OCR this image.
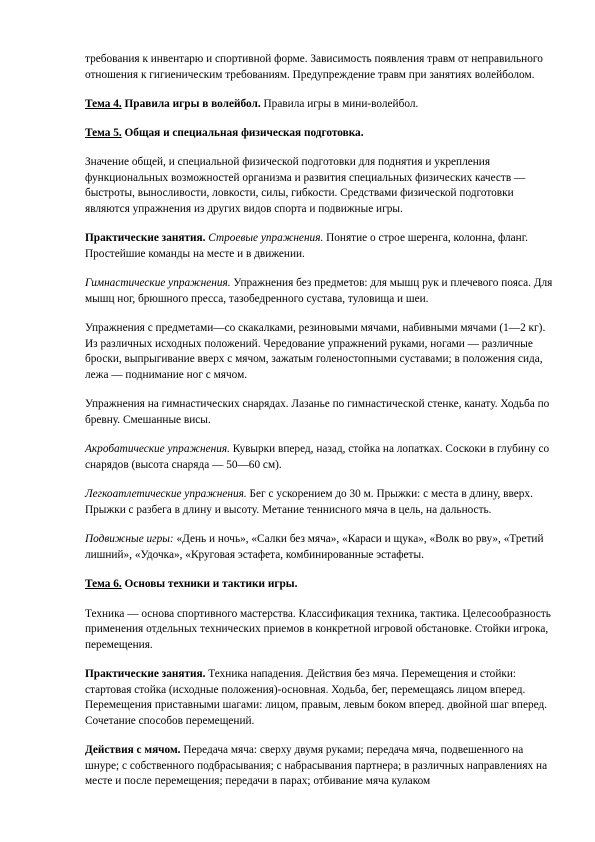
требования к инвентарю и спортивной форме. Зависимость появления травм от неправильного отношения к гигиеническим требованиям. Предупреждение травм при занятиях волейболом.

Тема 4. Правила игры в волейбол. Правила игры в мини-волейбол.

Тема 5. Общая и специальная физическая подготовка.

Значение общей, и специальной физической подготовки для поднятия и укрепления функциональных возможностей организма и развития специальных физических качеств — быстроты, выносливости, ловкости, силы, гибкости. Средствами физической подготовки являются упражнения из других видов спорта и подвижные игры.

Практические занятия. Строевые упражнения. Понятие о строе шеренга, колонна, фланг. Простейшие команды на месте и в движении.

Гимнастические упражнения. Упражнения без предметов: для мышц рук и плечевого пояса. Для мышц ног, брюшного пресса, тазобедренного сустава, туловища и шеи.

Упражнения с предметами—со скакалками, резиновыми мячами, набивными мячами (1—2 кг). Из различных исходных положений. Чередование упражнений руками, ногами — различные броски, выпрыгивание вверх с мячом, зажатым голеностопными суставами; в положения сида, лежа — поднимание ног с мячом.

Упражнения на гимнастических снарядах. Лазанье по гимнастической стенке, канату. Ходьба по бревну. Смешанные висы.

Акробатические упражнения. Кувырки вперед, назад, стойка на лопатках. Соскоки в глубину со снарядов (высота снаряда — 50—60 см).

Легкоатлетические упражнения. Бег с ускорением до 30 м. Прыжки: с места в длину, вверх. Прыжки с разбега в длину и высоту. Метание теннисного мяча в цель, на дальность.

Подвижные игры: «День и ночь», «Салки без мяча», «Караси и щука», «Волк во рву», «Третий лишний», «Удочка», «Круговая эстафета, комбинированные эстафеты.

Тема 6. Основы техники и тактики игры.

Техника — основа спортивного мастерства. Классификация техника, тактика. Целесообразность применения отдельных технических приемов в конкретной игровой обстановке. Стойки игрока, перемещения.

Практические занятия. Техника нападения. Действия без мяча. Перемещения и стойки: стартовая стойка (исходные положения)-основная. Ходьба, бег, перемещаясь лицом вперед. Перемещения приставными шагами: лицом, правым, левым боком вперед. двойной шаг вперед. Сочетание способов перемещений.

Действия с мячом. Передача мяча: сверху двумя руками; передача мяча, подвешенного на шнуре; с собственного подбрасывания; с набрасывания партнера; в различных направлениях на месте и после перемещения; передачи в парах; отбивание мяча кулаком
